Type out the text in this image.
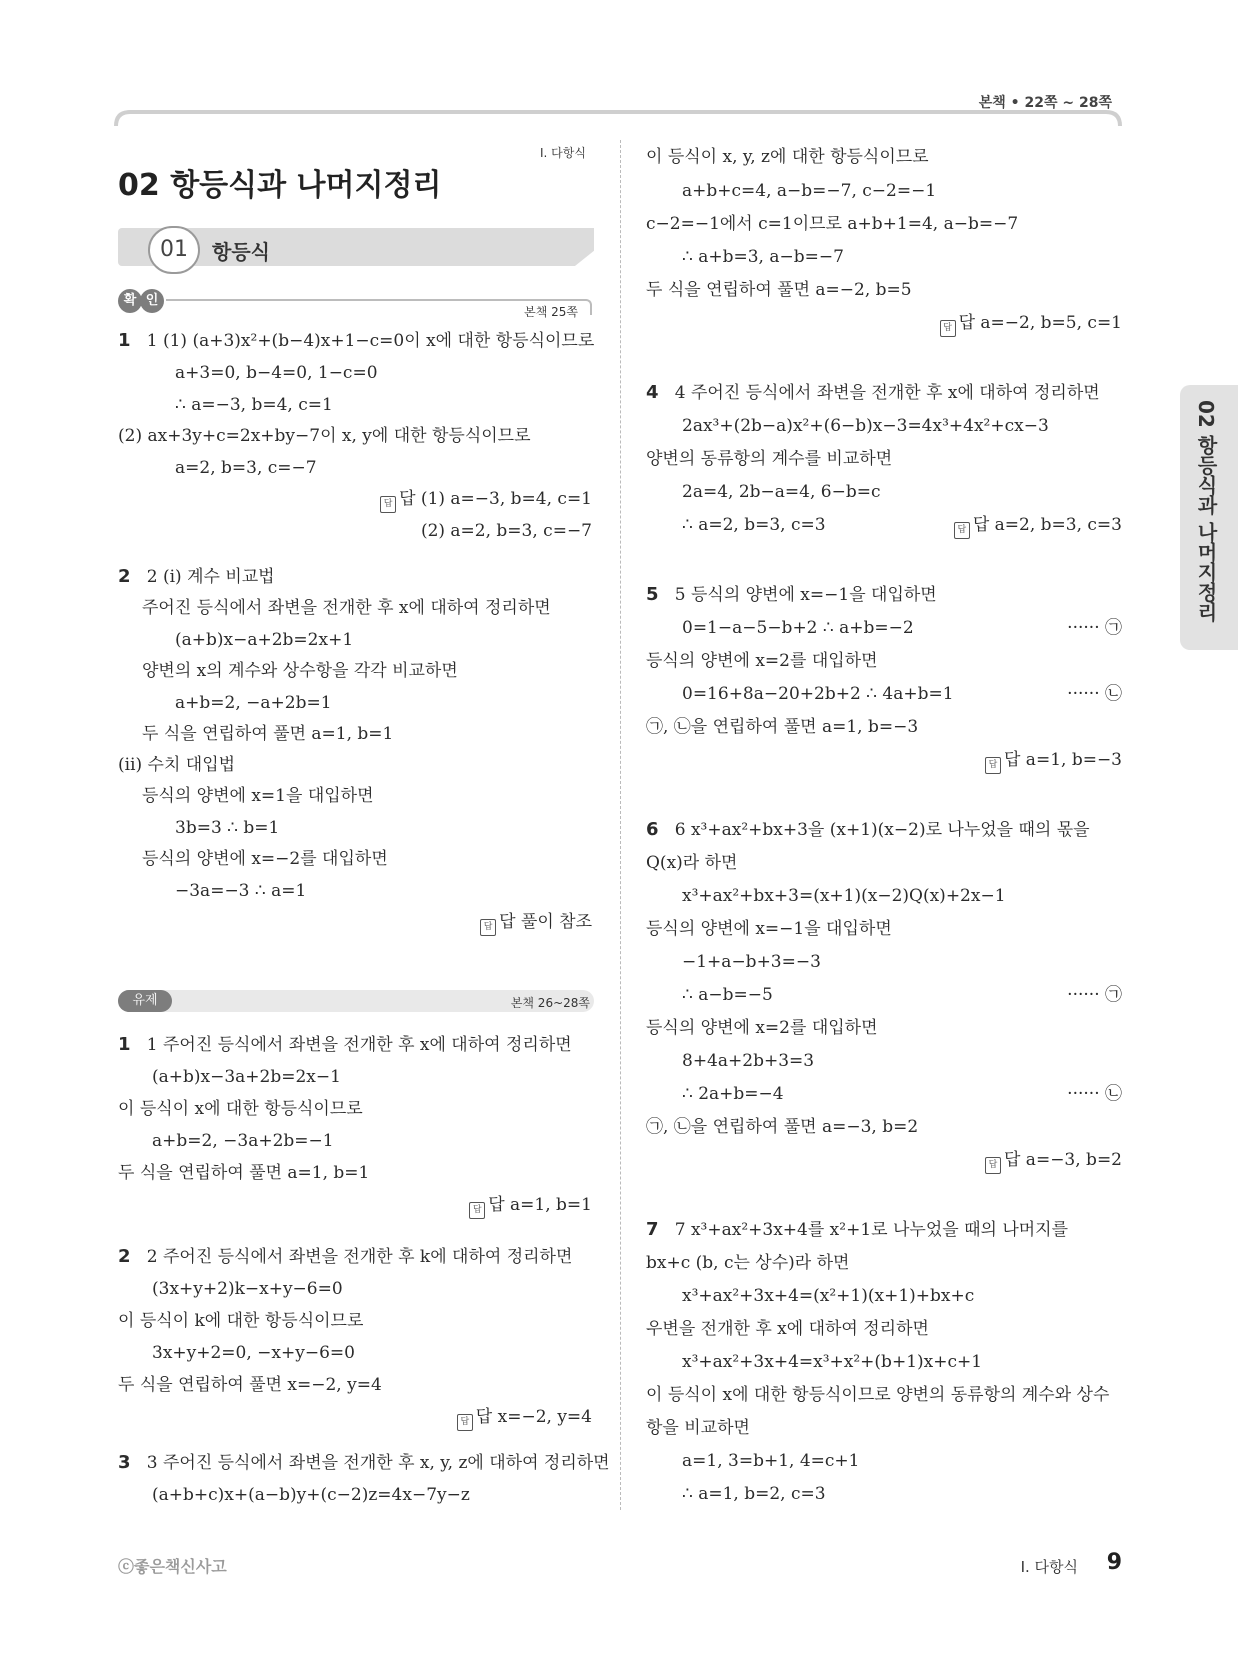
본책 • 22쪽 ~ 28쪽
Ⅰ. 다항식
02 항등식과 나머지정리
01	항등식
확 인
본책 25쪽
유제	본책 26~28쪽
1 1 (1) (a+3)x²+(b−4)x+1−c=0이 x에 대한 항등식이므로
a+3=0, b−4=0, 1−c=0
∴ a=−3, b=4, c=1
(2) ax+3y+c=2x+by−7이 x, y에 대한 항등식이므로
a=2, b=3, c=−7
답 답 (1) a=−3, b=4, c=1
(2) a=2, b=3, c=−7
2 2 (ⅰ) 계수 비교법
주어진 등식에서 좌변을 전개한 후 x에 대하여 정리하면
(a+b)x−a+2b=2x+1
양변의 x의 계수와 상수항을 각각 비교하면
a+b=2, −a+2b=1
두 식을 연립하여 풀면 a=1, b=1
(ⅱ) 수치 대입법
등식의 양변에 x=1을 대입하면
3b=3 ∴ b=1
등식의 양변에 x=−2를 대입하면
−3a=−3 ∴ a=1
답 답 풀이 참조
1 1 주어진 등식에서 좌변을 전개한 후 x에 대하여 정리하면
(a+b)x−3a+2b=2x−1
이 등식이 x에 대한 항등식이므로
a+b=2, −3a+2b=−1
두 식을 연립하여 풀면 a=1, b=1
답 답 a=1, b=1
2 2 주어진 등식에서 좌변을 전개한 후 k에 대하여 정리하면
(3x+y+2)k−x+y−6=0
이 등식이 k에 대한 항등식이므로
3x+y+2=0, −x+y−6=0
두 식을 연립하여 풀면 x=−2, y=4
답 답 x=−2, y=4
3 3 주어진 등식에서 좌변을 전개한 후 x, y, z에 대하여 정리하면
(a+b+c)x+(a−b)y+(c−2)z=4x−7y−z
이 등식이 x, y, z에 대한 항등식이므로
a+b+c=4, a−b=−7, c−2=−1
c−2=−1에서 c=1이므로 a+b+1=4, a−b=−7
∴ a+b=3, a−b=−7
두 식을 연립하여 풀면 a=−2, b=5
답 답 a=−2, b=5, c=1
4 4 주어진 등식에서 좌변을 전개한 후 x에 대하여 정리하면
2ax³+(2b−a)x²+(6−b)x−3=4x³+4x²+cx−3
양변의 동류항의 계수를 비교하면
2a=4, 2b−a=4, 6−b=c
∴ a=2, b=3, c=3	답 답 a=2, b=3, c=3
5 5 등식의 양변에 x=−1을 대입하면
0=1−a−5−b+2 ∴ a+b=−2	······ ㉠
등식의 양변에 x=2를 대입하면
0=16+8a−20+2b+2 ∴ 4a+b=1	······ ㉡
㉠, ㉡을 연립하여 풀면 a=1, b=−3
답 답 a=1, b=−3
6 6 x³+ax²+bx+3을 (x+1)(x−2)로 나누었을 때의 몫을
Q(x)라 하면
x³+ax²+bx+3=(x+1)(x−2)Q(x)+2x−1
등식의 양변에 x=−1을 대입하면
−1+a−b+3=−3
∴ a−b=−5	······ ㉠
등식의 양변에 x=2를 대입하면
8+4a+2b+3=3
∴ 2a+b=−4	······ ㉡
㉠, ㉡을 연립하여 풀면 a=−3, b=2
답 답 a=−3, b=2
7 7 x³+ax²+3x+4를 x²+1로 나누었을 때의 나머지를
bx+c (b, c는 상수)라 하면
x³+ax²+3x+4=(x²+1)(x+1)+bx+c
우변을 전개한 후 x에 대하여 정리하면
x³+ax²+3x+4=x³+x²+(b+1)x+c+1
이 등식이 x에 대한 항등식이므로 양변의 동류항의 계수와 상수
항을 비교하면
a=1, 3=b+1, 4=c+1
∴ a=1, b=2, c=3
02 항등식과 나머지정리
ⓒ좋은책신사고	Ⅰ. 다항식 9
